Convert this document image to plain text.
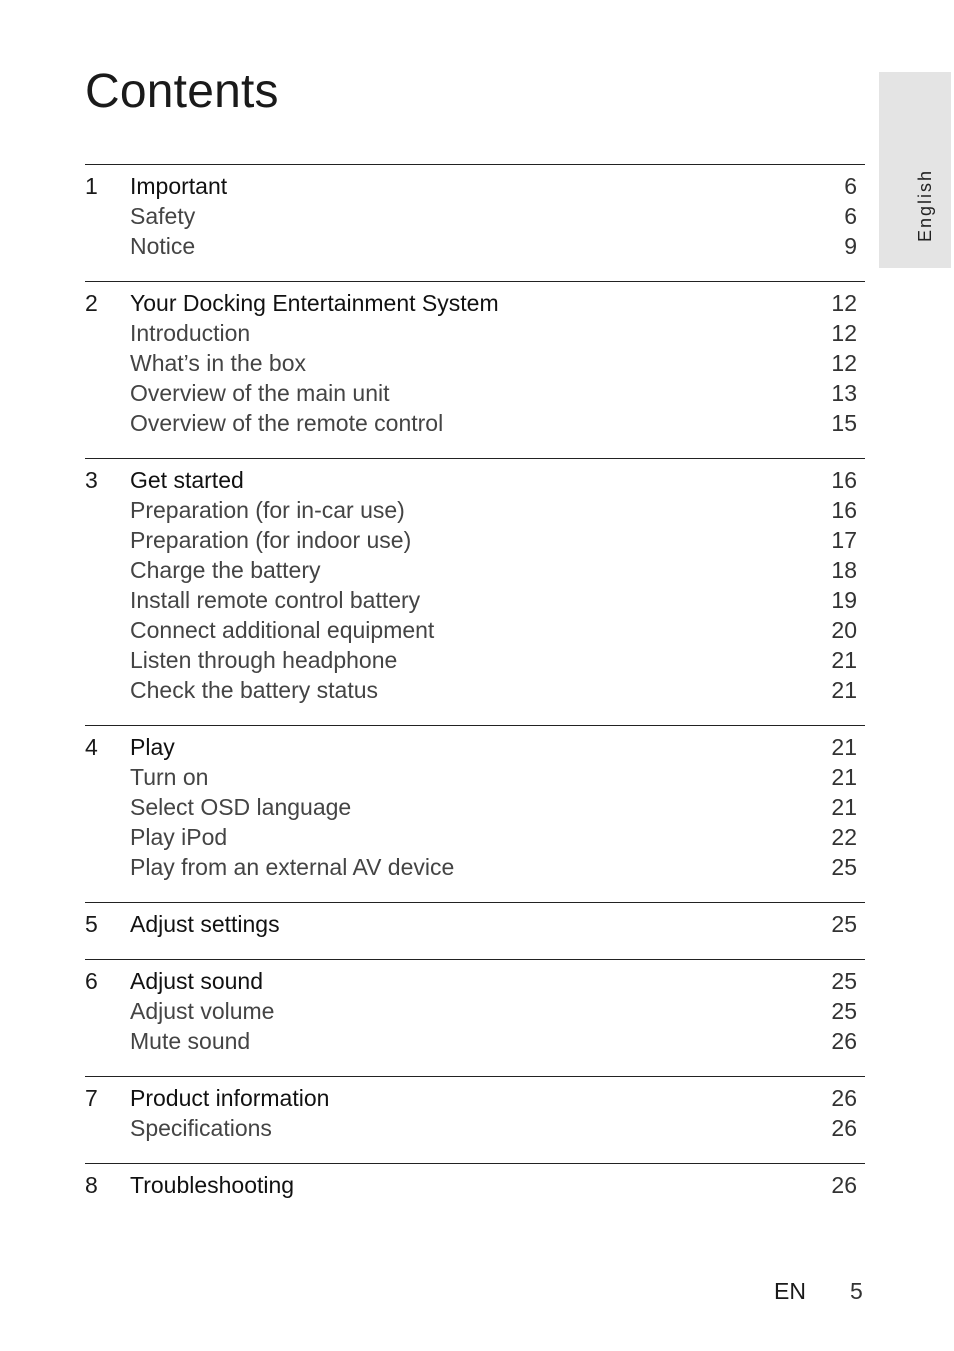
Contents
English
1	Important	6
Safety	6
Notice	9
2	Your Docking Entertainment System	12
Introduction	12
What’s in the box	12
Overview of the main unit	13
Overview of the remote control	15
3	Get started	16
Preparation (for in-car use)	16
Preparation (for indoor use)	17
Charge the battery	18
Install remote control battery	19
Connect additional equipment	20
Listen through headphone	21
Check the battery status	21
4	Play	21
Turn on	21
Select OSD language	21
Play iPod	22
Play from an external AV device	25
5	Adjust settings	25
6	Adjust sound	25
Adjust volume	25
Mute sound	26
7	Product information	26
Specifications	26
8	Troubleshooting	26
EN 5
